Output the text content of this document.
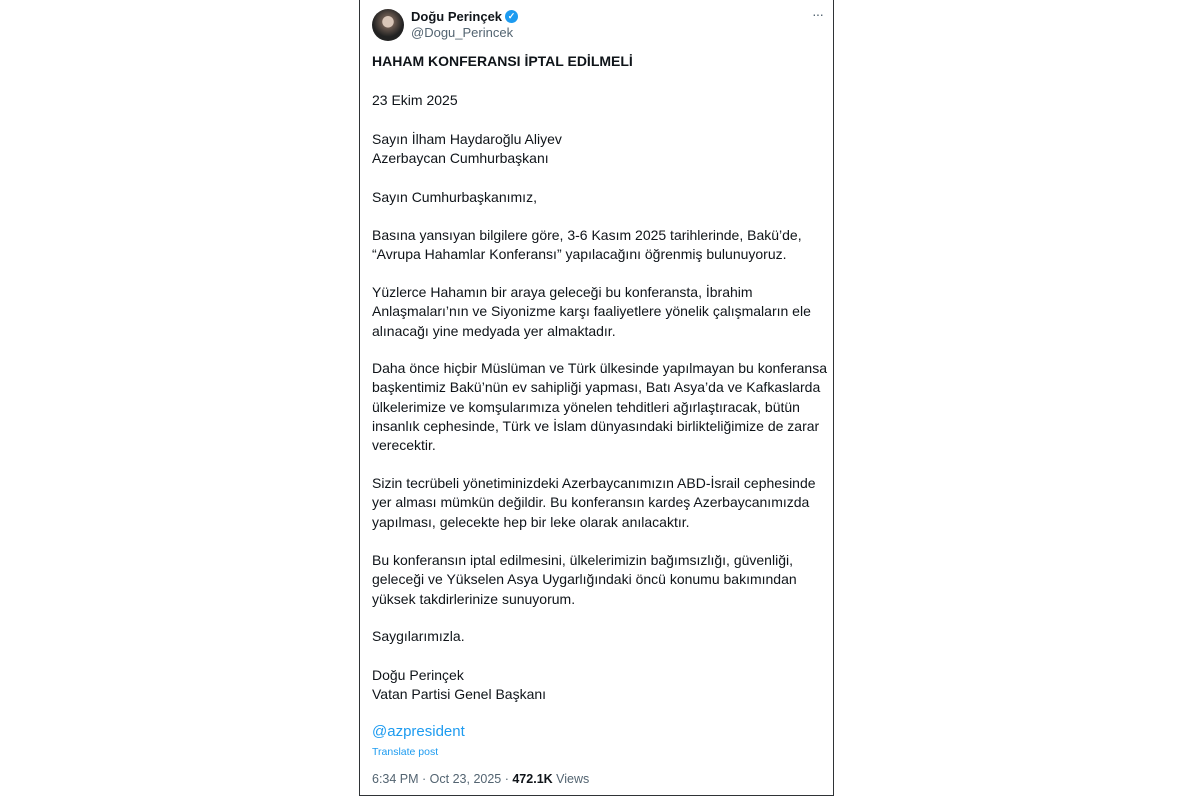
Doğu Perinçek ✓
@Dogu_Perincek
···
HAHAM KONFERANSI İPTAL EDİLMELİ
23 Ekim 2025
Sayın İlham Haydaroğlu Aliyev
Azerbaycan Cumhurbaşkanı
Sayın Cumhurbaşkanımız,
Basına yansıyan bilgilere göre, 3-6 Kasım 2025 tarihlerinde, Bakü’de,
“Avrupa Hahamlar Konferansı” yapılacağını öğrenmiş bulunuyoruz.
Yüzlerce Hahamın bir araya geleceği bu konferansta, İbrahim
Anlaşmaları’nın ve Siyonizme karşı faaliyetlere yönelik çalışmaların ele
alınacağı yine medyada yer almaktadır.
Daha önce hiçbir Müslüman ve Türk ülkesinde yapılmayan bu konferansa
başkentimiz Bakü’nün ev sahipliği yapması, Batı Asya’da ve Kafkaslarda
ülkelerimize ve komşularımıza yönelen tehditleri ağırlaştıracak, bütün
insanlık cephesinde, Türk ve İslam dünyasındaki birlikteliğimize de zarar
verecektir.
Sizin tecrübeli yönetiminizdeki Azerbaycanımızın ABD-İsrail cephesinde
yer alması mümkün değildir. Bu konferansın kardeş Azerbaycanımızda
yapılması, gelecekte hep bir leke olarak anılacaktır.
Bu konferansın iptal edilmesini, ülkelerimizin bağımsızlığı, güvenliği,
geleceği ve Yükselen Asya Uygarlığındaki öncü konumu bakımından
yüksek takdirlerinize sunuyorum.
Saygılarımızla.
Doğu Perinçek
Vatan Partisi Genel Başkanı
@azpresident
Translate post
6:34 PM · Oct 23, 2025 · 472.1K Views
